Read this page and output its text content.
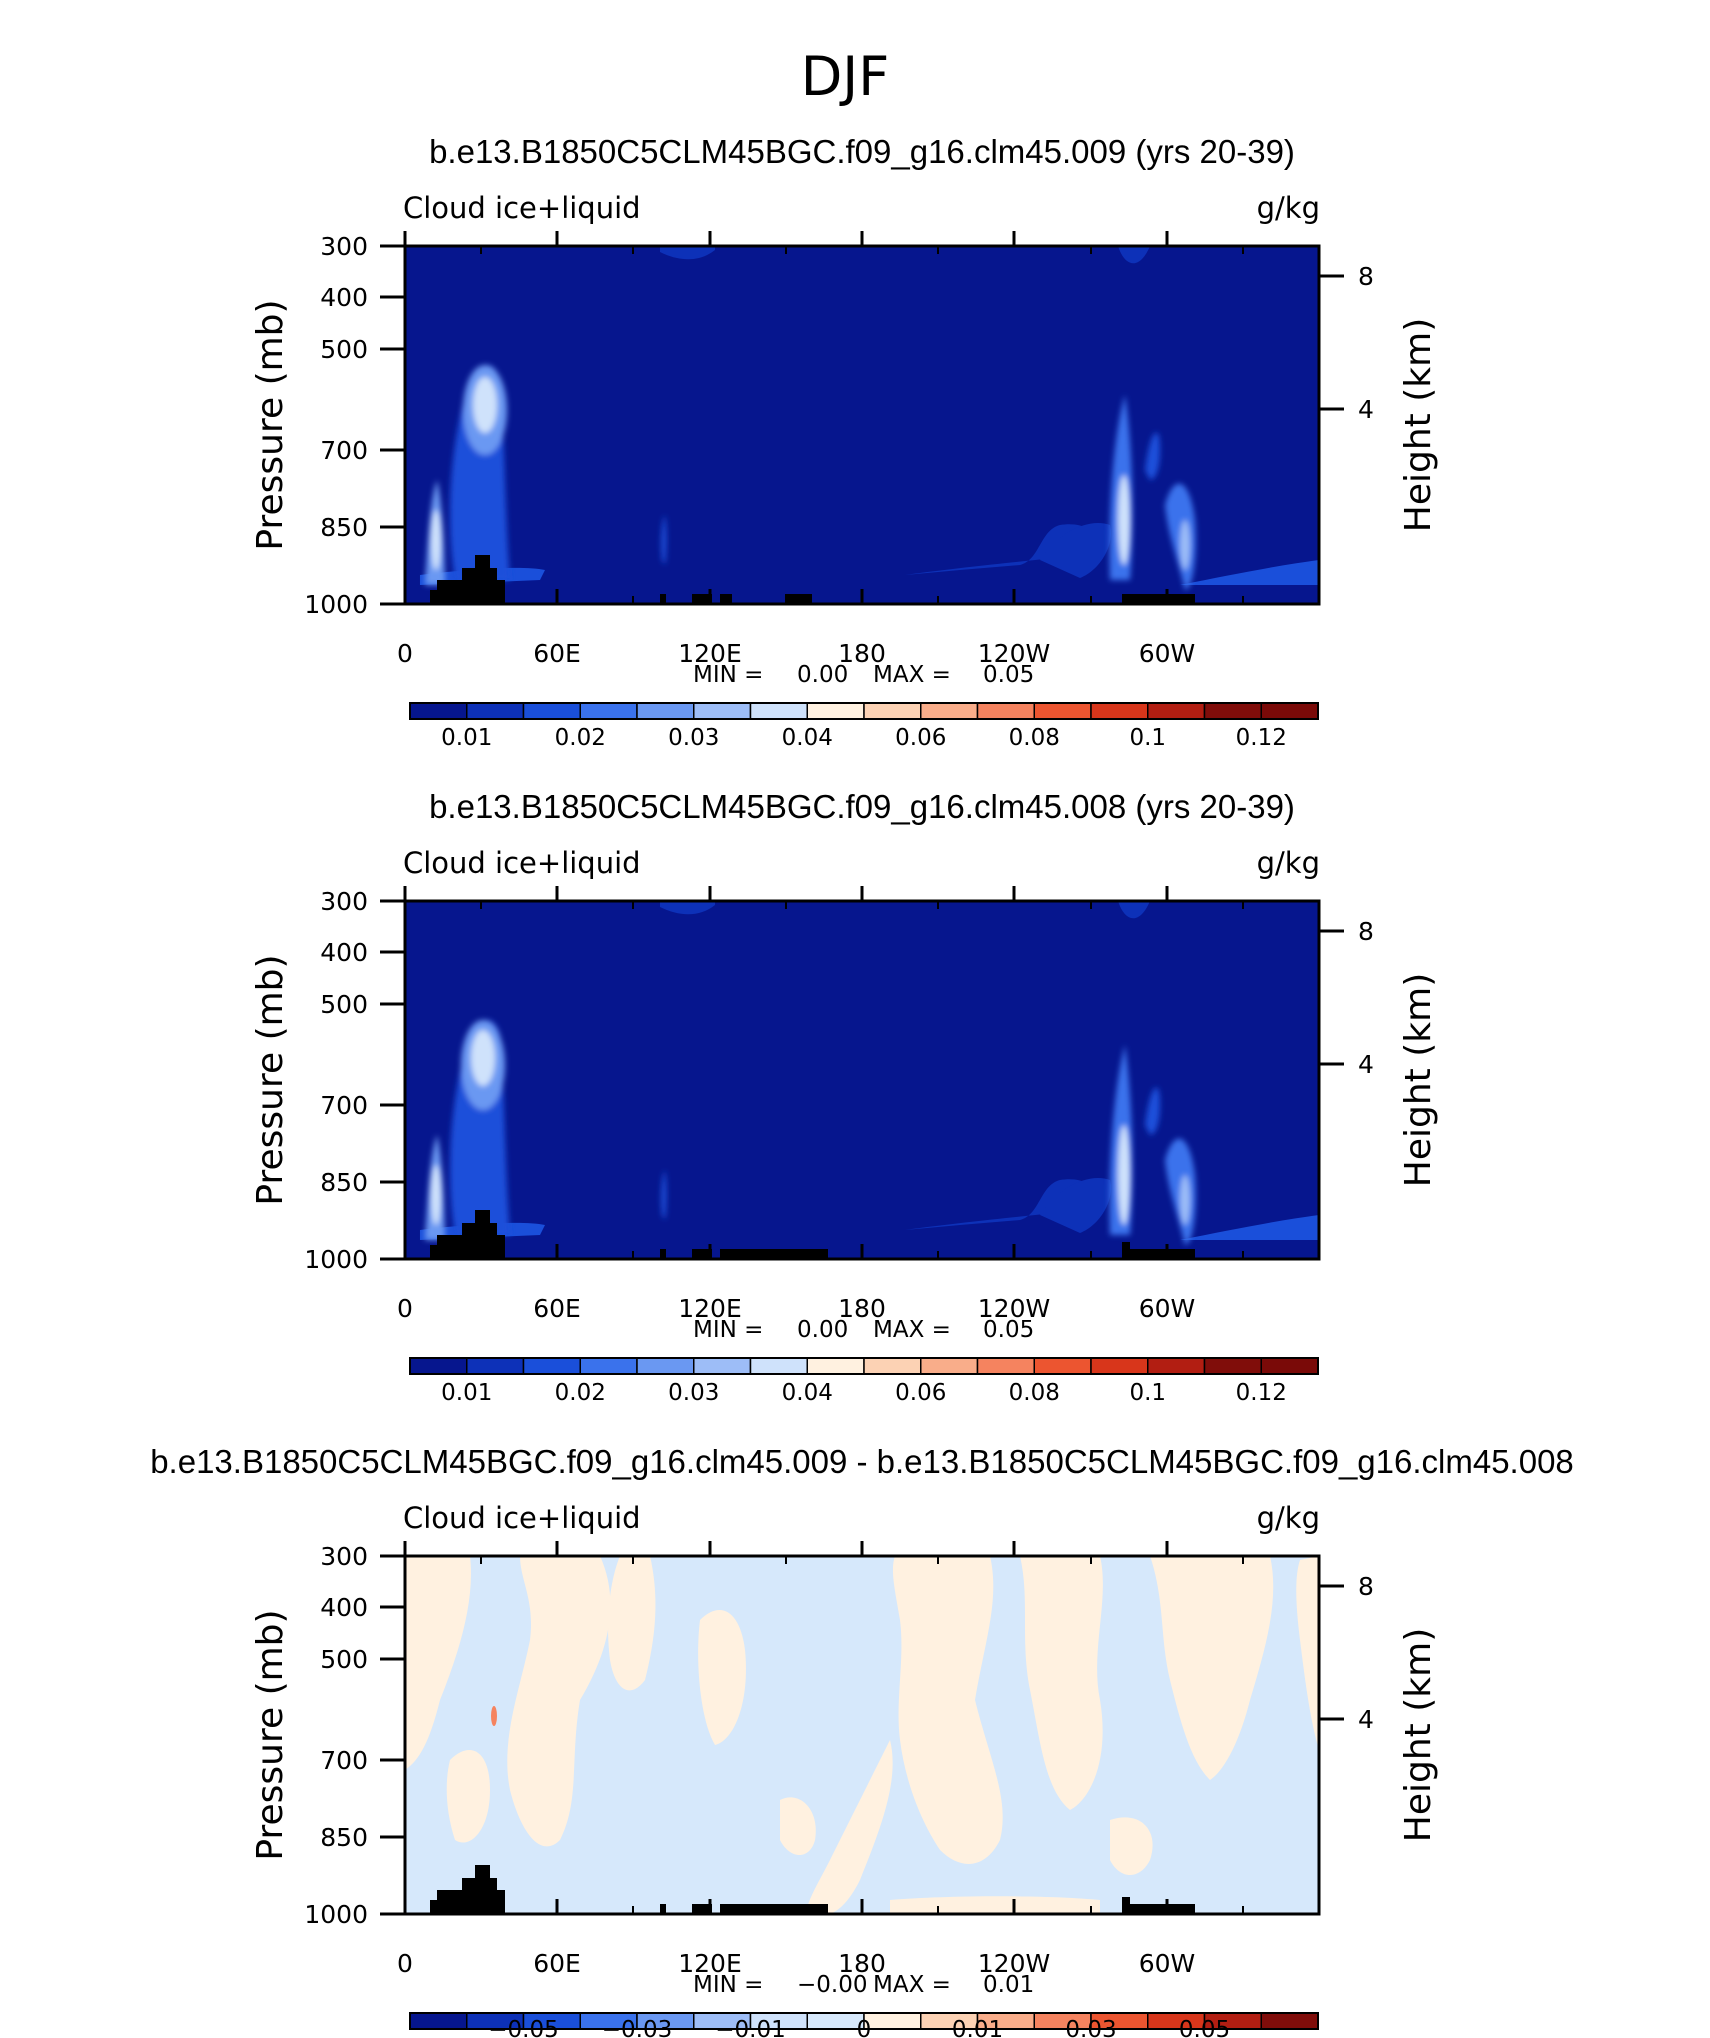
DJF
b.e13.B1850C5CLM45BGC.f09_g16.clm45.009 (yrs 20-39)
Cloud ice+liquid	g/kg
0	60E	120E	180	120W	60W
300
400
500
700
850
1000
Pressure (mb)
8
4 Height (km)
MIN = 0.00 MAX = 0.05
0.01	0.02	0.03	0.04	0.06	0.08	0.1	0.12
b.e13.B1850C5CLM45BGC.f09_g16.clm45.008 (yrs 20-39)
Cloud ice+liquid	g/kg
0	60E	120E	180	120W	60W
300
400
500
700
850
1000
Pressure (mb)
8
4 Height (km)
MIN = 0.00 MAX = 0.05
0.01	0.02	0.03	0.04	0.06	0.08	0.1	0.12
b.e13.B1850C5CLM45BGC.f09_g16.clm45.009 - b.e13.B1850C5CLM45BGC.f09_g16.clm45.008
Cloud ice+liquid	g/kg
0	60E	120E	180	120W	60W
300
400
500
700
850
1000
Pressure (mb)
8
4 Height (km)
MIN = −0.00 MAX = 0.01
−0.05 −0.03 −0.01	0	0.01	0.03	0.05
